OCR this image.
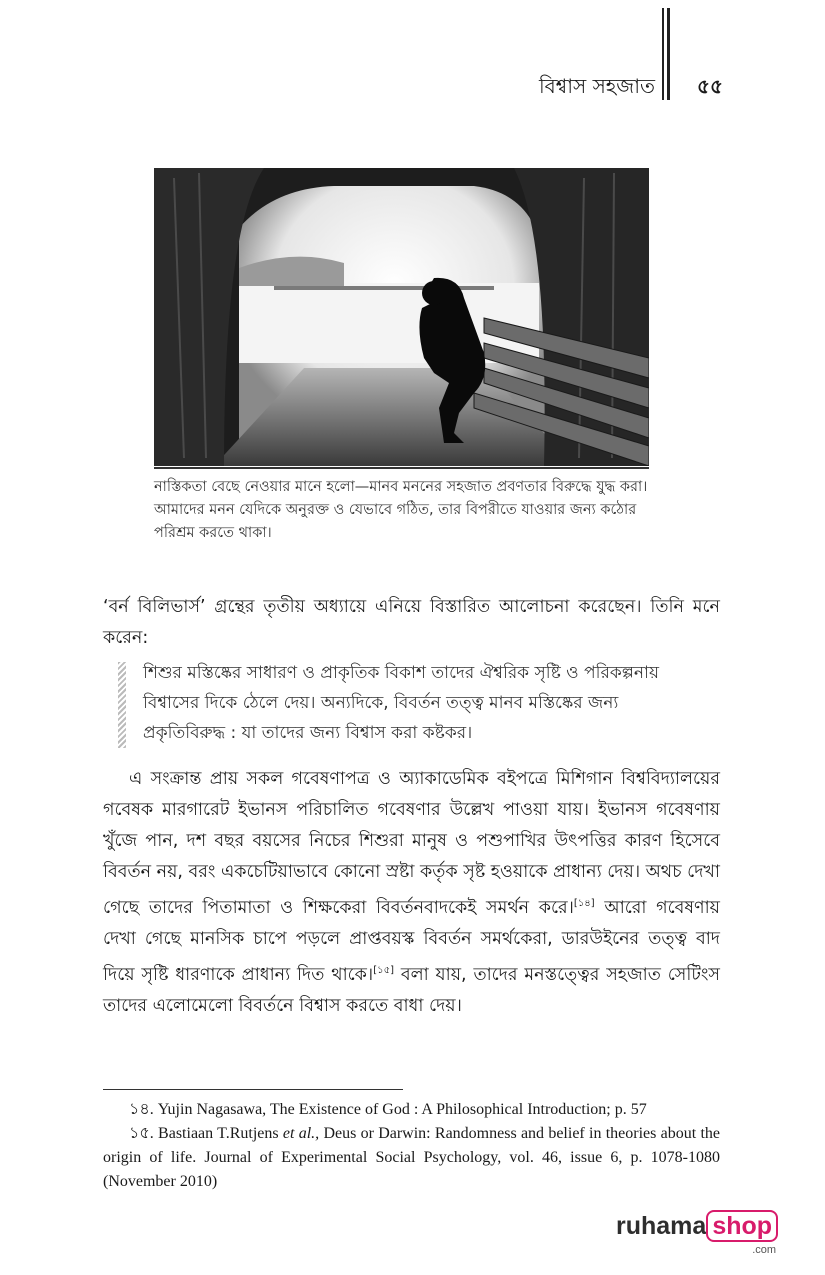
বিশ্বাস সহজাত ৫৫
নাস্তিকতা বেছে নেওয়ার মানে হলো—মানব মননের সহজাত প্রবণতার বিরুদ্ধে যুদ্ধ করা। আমাদের মনন যেদিকে অনুরক্ত ও যেভাবে গঠিত, তার বিপরীতে যাওয়ার জন্য কঠোর পরিশ্রম করতে থাকা।
‘বর্ন বিলিভার্স’ গ্রন্থের তৃতীয় অধ্যায়ে এনিয়ে বিস্তারিত আলোচনা করেছেন। তিনি মনে করেন:
শিশুর মস্তিষ্কের সাধারণ ও প্রাকৃতিক বিকাশ তাদের ঐশ্বরিক সৃষ্টি ও পরিকল্পনায় বিশ্বাসের দিকে ঠেলে দেয়। অন্যদিকে, বিবর্তন তত্ত্ব মানব মস্তিষ্কের জন্য প্রকৃতিবিরুদ্ধ : যা তাদের জন্য বিশ্বাস করা কষ্টকর।
এ সংক্রান্ত প্রায় সকল গবেষণাপত্র ও অ্যাকাডেমিক বইপত্রে মিশিগান বিশ্ববিদ্যালয়ের গবেষক মারগারেট ইভানস পরিচালিত গবেষণার উল্লেখ পাওয়া যায়। ইভানস গবেষণায় খুঁজে পান, দশ বছর বয়সের নিচের শিশুরা মানুষ ও পশুপাখির উৎপত্তির কারণ হিসেবে বিবর্তন নয়, বরং একচেটিয়াভাবে কোনো স্রষ্টা কর্তৃক সৃষ্ট হওয়াকে প্রাধান্য দেয়। অথচ দেখা গেছে তাদের পিতামাতা ও শিক্ষকেরা বিবর্তনবাদকেই সমর্থন করে।[১৪] আরো গবেষণায় দেখা গেছে মানসিক চাপে পড়লে প্রাপ্তবয়স্ক বিবর্তন সমর্থকেরা, ডারউইনের তত্ত্ব বাদ দিয়ে সৃষ্টি ধারণাকে প্রাধান্য দিত থাকে।[১৫] বলা যায়, তাদের মনস্তত্ত্বের সহজাত সেটিংস তাদের এলোমেলো বিবর্তনে বিশ্বাস করতে বাধা দেয়।
১৪. Yujin Nagasawa, The Existence of God : A Philosophical Introduction; p. 57
১৫. Bastiaan T.Rutjens et al., Deus or Darwin: Randomness and belief in theories about the origin of life. Journal of Experimental Social Psychology, vol. 46, issue 6, p. 1078-1080 (November 2010)
ruhama shop
.com
